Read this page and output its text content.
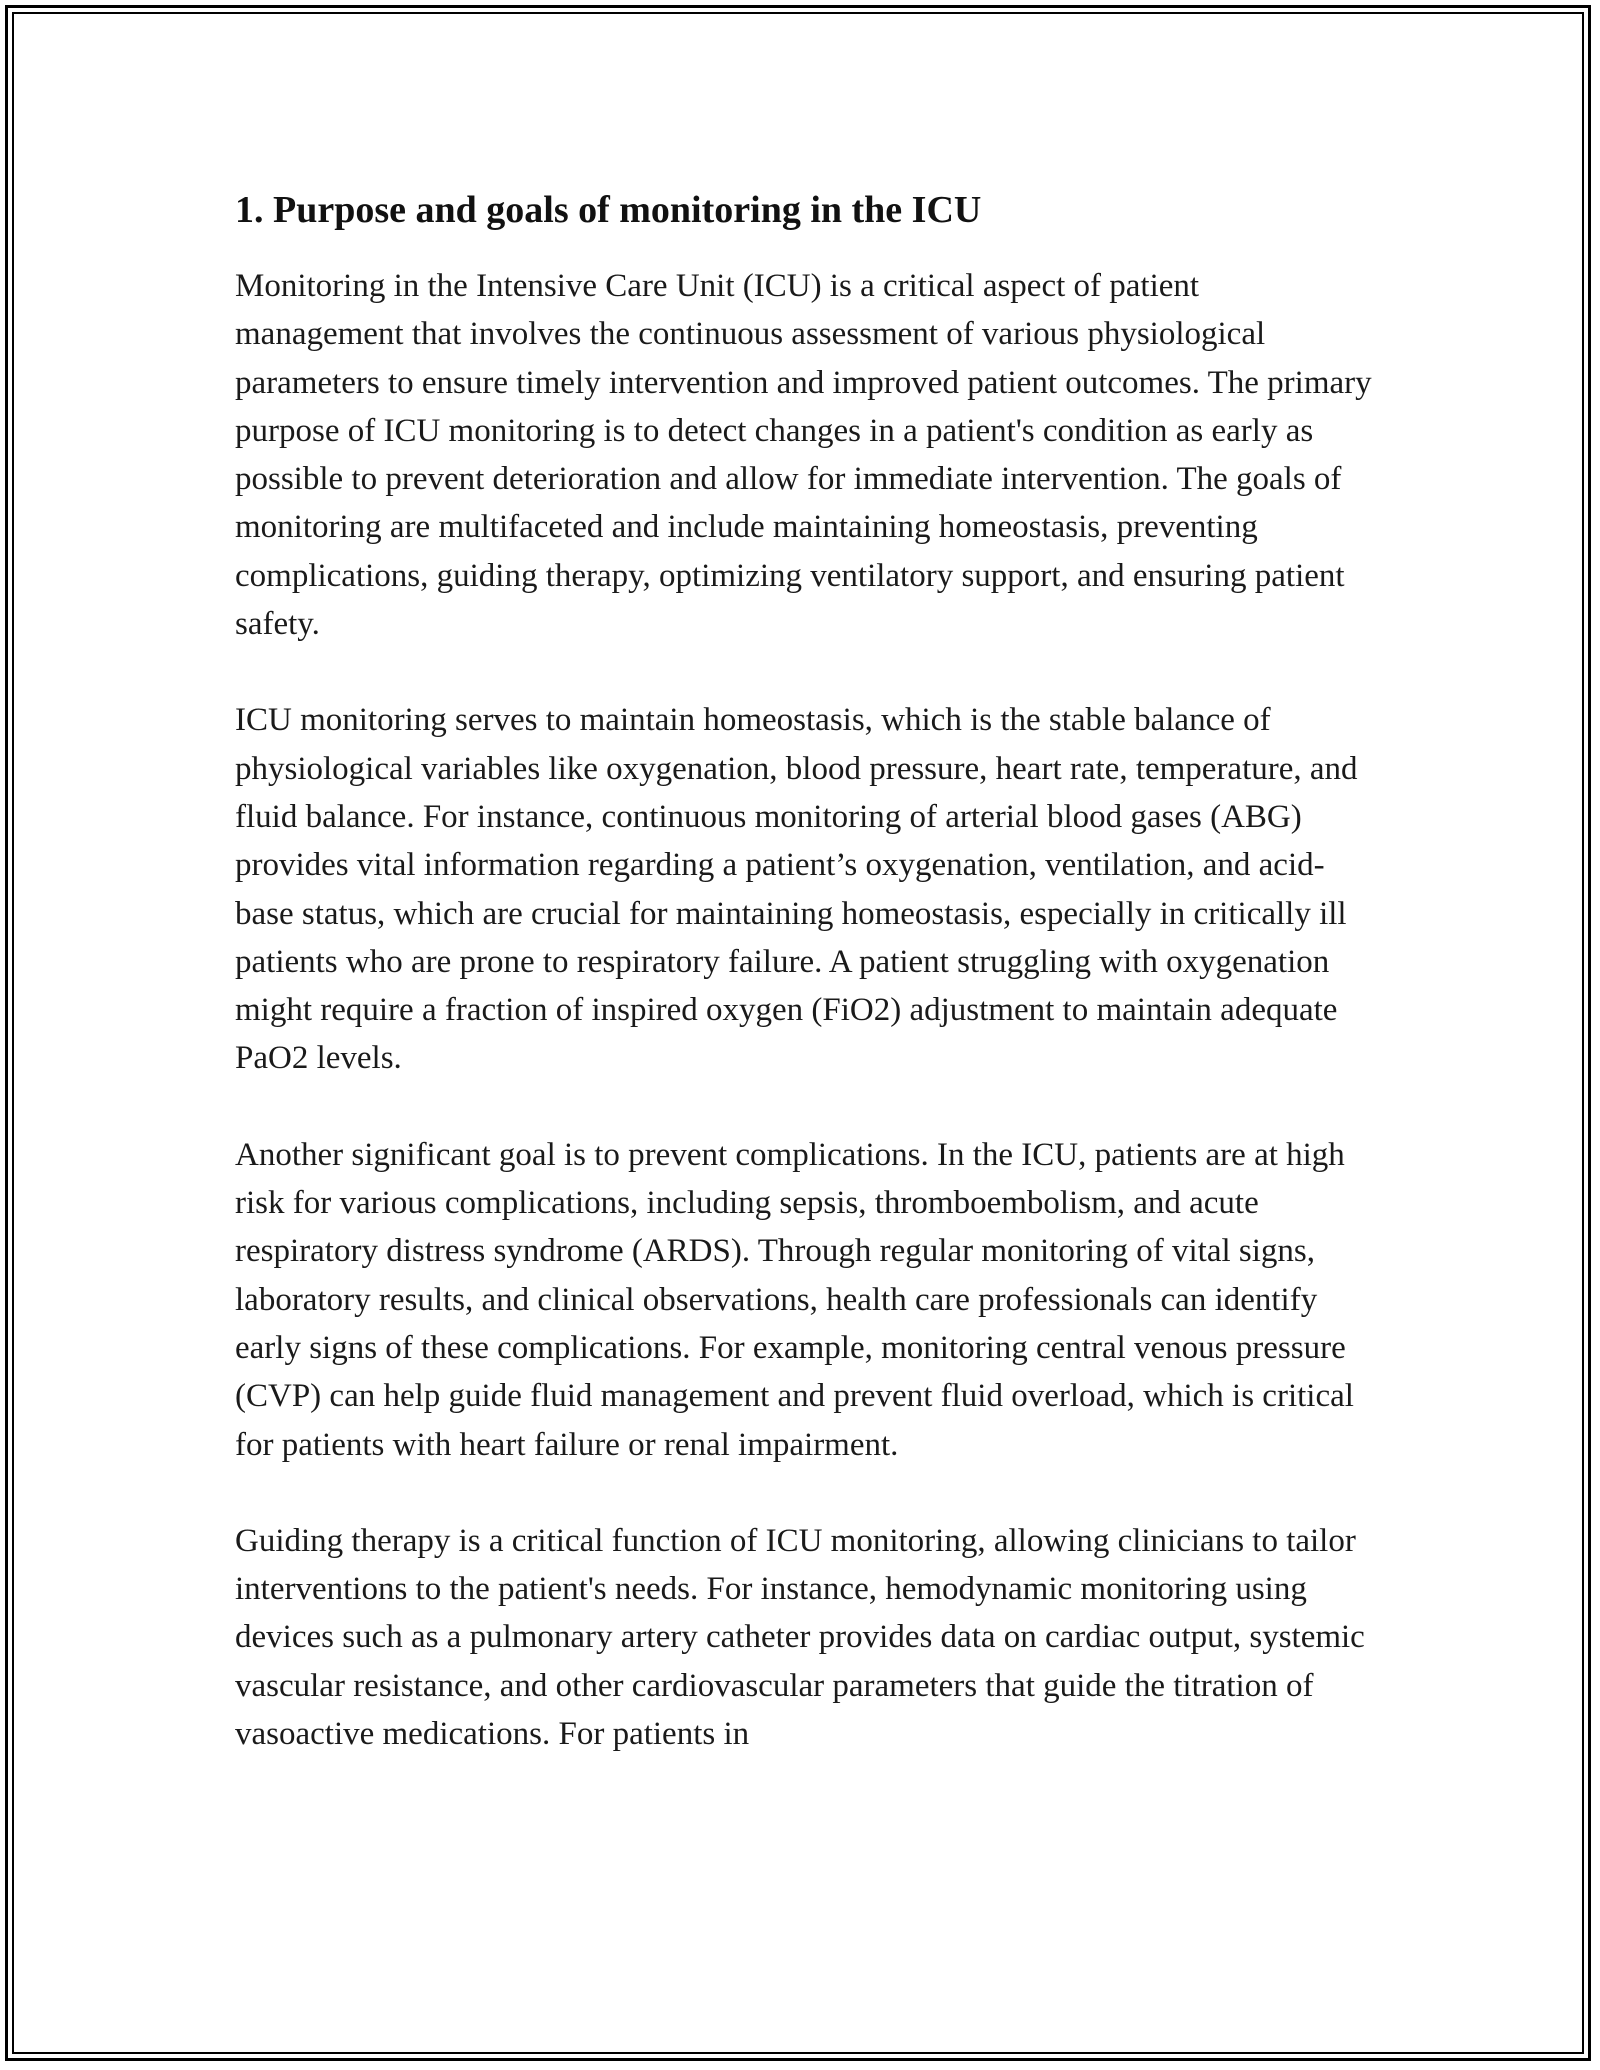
1. Purpose and goals of monitoring in the ICU

Monitoring in the Intensive Care Unit (ICU) is a critical aspect of patient management that involves the continuous assessment of various physiological parameters to ensure timely intervention and improved patient outcomes. The primary purpose of ICU monitoring is to detect changes in a patient's condition as early as possible to prevent deterioration and allow for immediate intervention. The goals of monitoring are multifaceted and include maintaining homeostasis, preventing complications, guiding therapy, optimizing ventilatory support, and ensuring patient safety.

ICU monitoring serves to maintain homeostasis, which is the stable balance of physiological variables like oxygenation, blood pressure, heart rate, temperature, and fluid balance. For instance, continuous monitoring of arterial blood gases (ABG) provides vital information regarding a patient’s oxygenation, ventilation, and acid-base status, which are crucial for maintaining homeostasis, especially in critically ill patients who are prone to respiratory failure. A patient struggling with oxygenation might require a fraction of inspired oxygen (FiO2) adjustment to maintain adequate PaO2 levels.

Another significant goal is to prevent complications. In the ICU, patients are at high risk for various complications, including sepsis, thromboembolism, and acute respiratory distress syndrome (ARDS). Through regular monitoring of vital signs, laboratory results, and clinical observations, health care professionals can identify early signs of these complications. For example, monitoring central venous pressure (CVP) can help guide fluid management and prevent fluid overload, which is critical for patients with heart failure or renal impairment.

Guiding therapy is a critical function of ICU monitoring, allowing clinicians to tailor interventions to the patient's needs. For instance, hemodynamic monitoring using devices such as a pulmonary artery catheter provides data on cardiac output, systemic vascular resistance, and other cardiovascular parameters that guide the titration of vasoactive medications. For patients in
